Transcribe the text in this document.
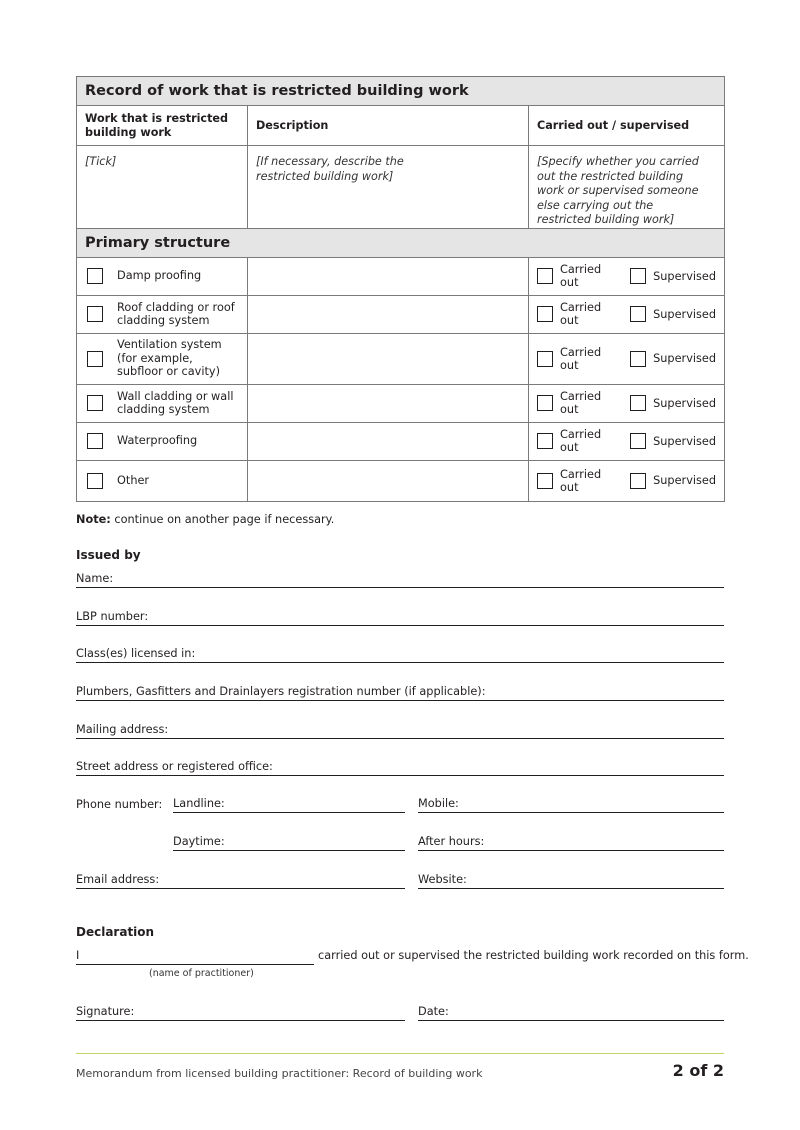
Record of work that is restricted building work		
Work that is restricted building work	Description	Carried out / supervised
[Tick]	[If necessary, describe the restricted building work]	[Specify whether you carried out the restricted building work or supervised someone else carrying out the restricted building work]

Primary structure		

Damp proofing		Carried out Supervised

Roof cladding or roof cladding system		Carried out Supervised

Ventilation system (for example, subfloor or cavity)		Carried out Supervised

Wall cladding or wall cladding system		Carried out Supervised

Waterproofing		Carried out Supervised

Other		Carried out Supervised
Note: continue on another page if necessary.
Issued by
Name:
LBP number:
Class(es) licensed in:
Plumbers, Gasfitters and Drainlayers registration number (if applicable):
Mailing address:
Street address or registered office:
Phone number: Landline:	Mobile:
Daytime:	After hours:
Email address:	Website:
Declaration
I	carried out or supervised the restricted building work recorded on this form.
(name of practitioner)
Signature:	Date:
Memorandum from licensed building practitioner: Record of building work	2 of 2
